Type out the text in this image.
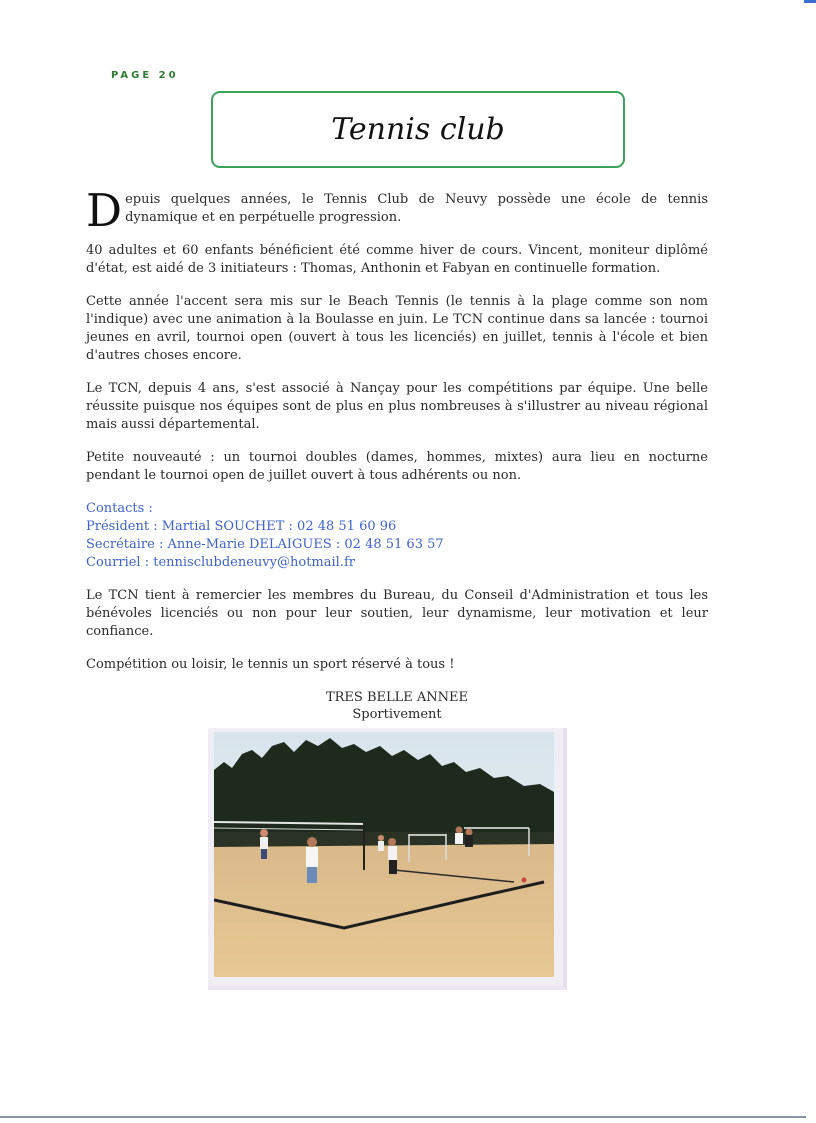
PAGE 20
Tennis club

Depuis quelques années, le Tennis Club de Neuvy possède une école de tennis dynamique et en perpétuelle progression.

40 adultes et 60 enfants bénéficient été comme hiver de cours. Vincent, moniteur diplômé d'état, est aidé de 3 initiateurs : Thomas, Anthonin et Fabyan en continuelle formation.

Cette année l'accent sera mis sur le Beach Tennis (le tennis à la plage comme son nom l'indique) avec une animation à la Boulasse en juin. Le TCN continue dans sa lancée : tournoi jeunes en avril, tournoi open (ouvert à tous les licenciés) en juillet, tennis à l'école et bien d'autres choses encore.

Le TCN, depuis 4 ans, s'est associé à Nançay pour les compétitions par équipe. Une belle réussite puisque nos équipes sont de plus en plus nombreuses à s'illustrer au niveau régional mais aussi départemental.

Petite nouveauté : un tournoi doubles (dames, hommes, mixtes) aura lieu en nocturne pendant le tournoi open de juillet ouvert à tous adhérents ou non.

Contacts :
Président : Martial SOUCHET : 02 48 51 60 96
Secrétaire : Anne-Marie DELAIGUES : 02 48 51 63 57
Courriel : tennisclubdeneuvy@hotmail.fr

Le TCN tient à remercier les membres du Bureau, du Conseil d'Administration et tous les bénévoles licenciés ou non pour leur soutien, leur dynamisme, leur motivation et leur confiance.

Compétition ou loisir, le tennis un sport réservé à tous !

TRES BELLE ANNEE
Sportivement
